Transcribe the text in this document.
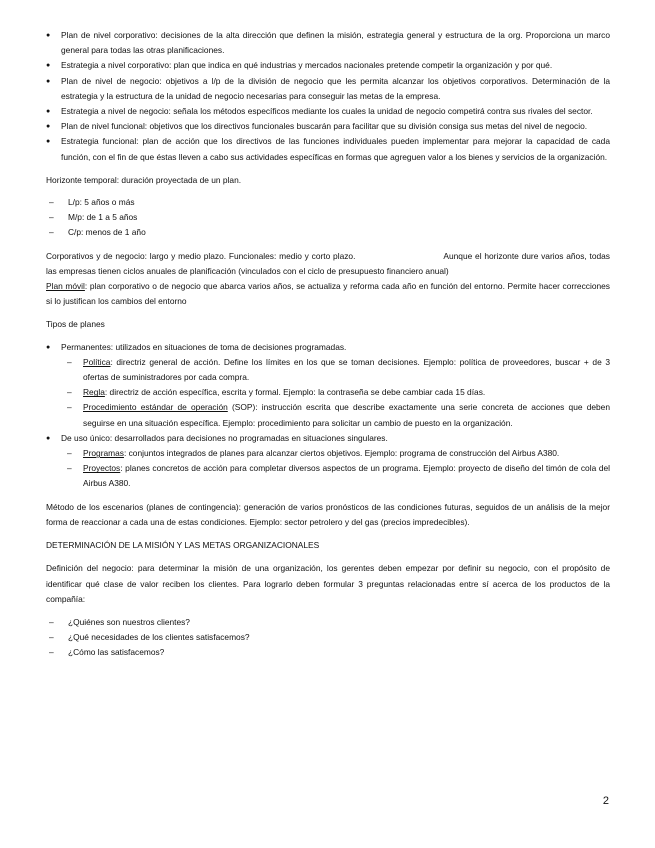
● Plan de nivel corporativo: decisiones de la alta dirección que definen la misión, estrategia general y estructura de la org. Proporciona un marco general para todas las otras planificaciones.
● Estrategia a nivel corporativo: plan que indica en qué industrias y mercados nacionales pretende competir la organización y por qué.
● Plan de nivel de negocio: objetivos a l/p de la división de negocio que les permita alcanzar los objetivos corporativos. Determinación de la estrategia y la estructura de la unidad de negocio necesarias para conseguir las metas de la empresa.
● Estrategia a nivel de negocio: señala los métodos específicos mediante los cuales la unidad de negocio competirá contra sus rivales del sector.
● Plan de nivel funcional: objetivos que los directivos funcionales buscarán para facilitar que su división consiga sus metas del nivel de negocio.
● Estrategia funcional: plan de acción que los directivos de las funciones individuales pueden implementar para mejorar la capacidad de cada función, con el fin de que éstas lleven a cabo sus actividades específicas en formas que agreguen valor a los bienes y servicios de la organización.

Horizonte temporal: duración proyectada de un plan.

– L/p: 5 años o más
– M/p: de 1 a 5 años
– C/p: menos de 1 año

Corporativos y de negocio: largo y medio plazo. Funcionales: medio y corto plazo.	Aunque el horizonte dure varios años, todas las empresas tienen ciclos anuales de planificación (vinculados con el ciclo de presupuesto financiero anual)
Plan móvil: plan corporativo o de negocio que abarca varios años, se actualiza y reforma cada año en función del entorno. Permite hacer correcciones si lo justifican los cambios del entorno

Tipos de planes

● Permanentes: utilizados en situaciones de toma de decisiones programadas.
– Política: directriz general de acción. Define los límites en los que se toman decisiones. Ejemplo: política de proveedores, buscar + de 3 ofertas de suministradores por cada compra.
– Regla: directriz de acción específica, escrita y formal. Ejemplo: la contraseña se debe cambiar cada 15 días.
– Procedimiento estándar de operación (SOP): instrucción escrita que describe exactamente una serie concreta de acciones que deben seguirse en una situación específica. Ejemplo: procedimiento para solicitar un cambio de puesto en la organización.
● De uso único: desarrollados para decisiones no programadas en situaciones singulares.
– Programas: conjuntos integrados de planes para alcanzar ciertos objetivos. Ejemplo: programa de construcción del Airbus A380.
– Proyectos: planes concretos de acción para completar diversos aspectos de un programa. Ejemplo: proyecto de diseño del timón de cola del Airbus A380.

Método de los escenarios (planes de contingencia): generación de varios pronósticos de las condiciones futuras, seguidos de un análisis de la mejor forma de reaccionar a cada una de estas condiciones. Ejemplo: sector petrolero y del gas (precios impredecibles).

DETERMINACIÓN DE LA MISIÓN Y LAS METAS ORGANIZACIONALES

Definición del negocio: para determinar la misión de una organización, los gerentes deben empezar por definir su negocio, con el propósito de identificar qué clase de valor reciben los clientes. Para lograrlo deben formular 3 preguntas relacionadas entre sí acerca de los productos de la compañía:

– ¿Quiénes son nuestros clientes?
– ¿Qué necesidades de los clientes satisfacemos?
– ¿Cómo las satisfacemos?
2
